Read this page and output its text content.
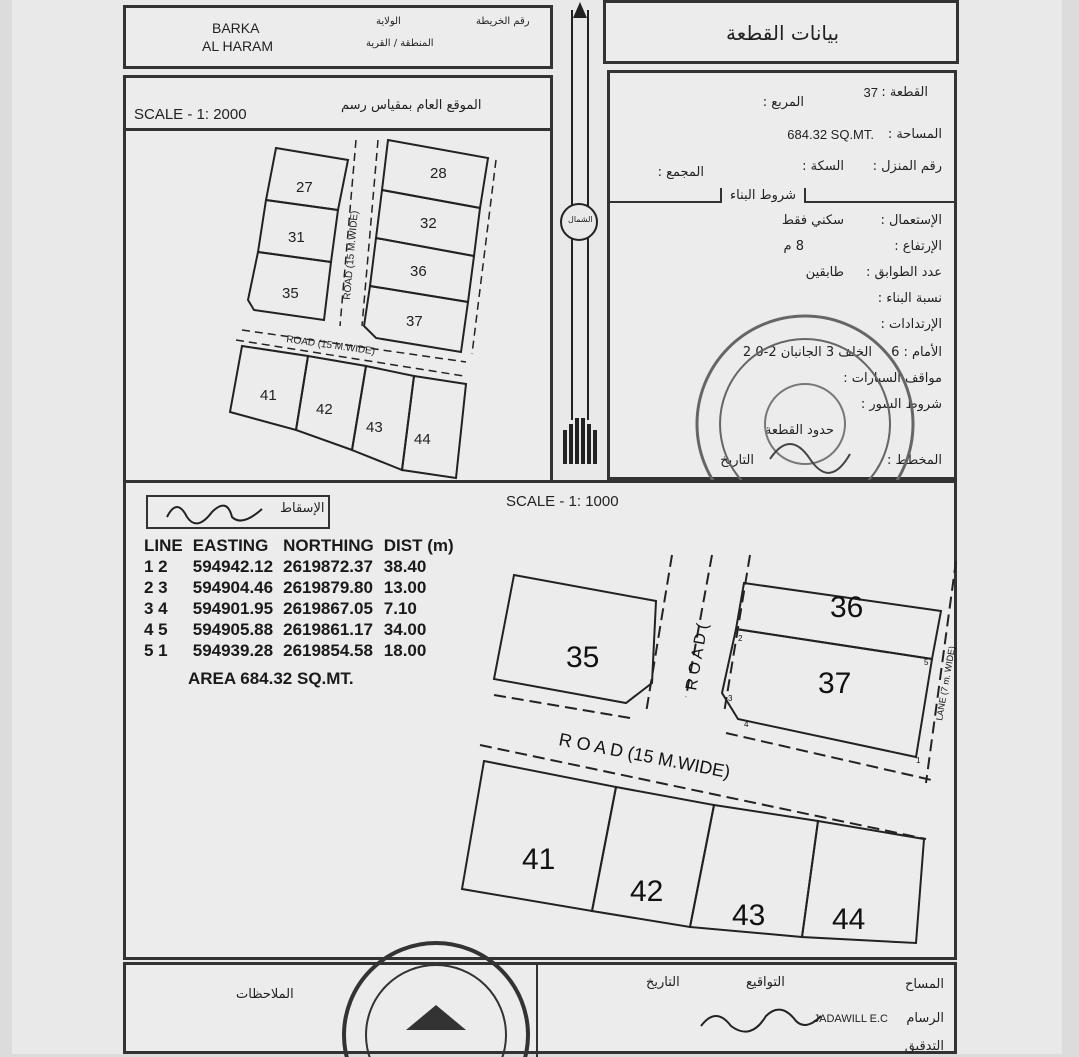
BARKA
AL HARAM
الولاية
المنطقة / القرية
رقم الخريطة	بيانات القطعة
SCALE - 1: 2000
الموقع العام بمقياس رسم
27
31
35
28
32
36
37
41
42
43
44
ROAD (15 M.WIDE)
ROAD (15 M.WIDE)
الشمال
القطعة :
37
المربع :
المساحة :
684.32 SQ.MT.
رقم المنزل :
السكة :
المجمع :
شروط البناء
الإستعمال :
سكني فقط
الإرتفاع :
8 م
عدد الطوابق :
طابقين
نسبة البناء :
الإرتدادات :
الأمام : 6
الخلف 3 الجانبان 2-0 2
مواقف السيارات :
شروط السور :
حدود القطعة
المخطط :
التاريخ
الإسقاط	SCALE - 1: 1000
LINE	EASTING	NORTHING	DIST (m)
1 2	594942.12	2619872.37	38.40
2 3	594904.46	2619879.80	13.00
3 4	594901.95	2619867.05	7.10
4 5	594905.88	2619861.17	34.00
5 1	594939.28	2619854.58	18.00
AREA 684.32 SQ.MT.
35
36
37
41
42
43 44
R O A D (15 M.WIDE)
R O A D (	LANE (7 m. WIDE)
1
2
3
4
5
الملاحظات
التواقيع
التاريخ	المساح
الرسام
JADAWILL E.C
التدقيق
